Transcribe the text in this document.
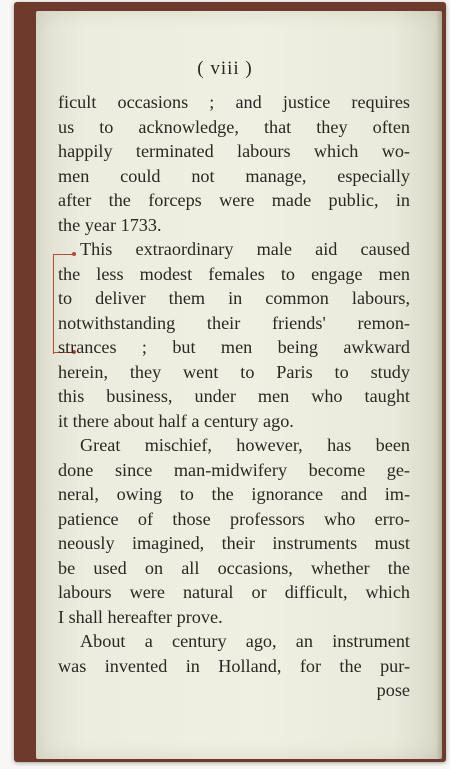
( viii )
ficult occasions ; and justice requires
us to acknowledge, that they often
happily terminated labours which wo-
men could not manage, especially
after the forceps were made public, in
the year 1733.
This extraordinary male aid caused
the less modest females to engage men
to deliver them in common labours,
notwithstanding their friends' remon-
strances ; but men being awkward
herein, they went to Paris to study
this business, under men who taught
it there about half a century ago.
Great mischief, however, has been
done since man-midwifery become ge-
neral, owing to the ignorance and im-
patience of those professors who erro-
neously imagined, their instruments must
be used on all occasions, whether the
labours were natural or difficult, which
I shall hereafter prove.
About a century ago, an instrument
was invented in Holland, for the pur-
pose
